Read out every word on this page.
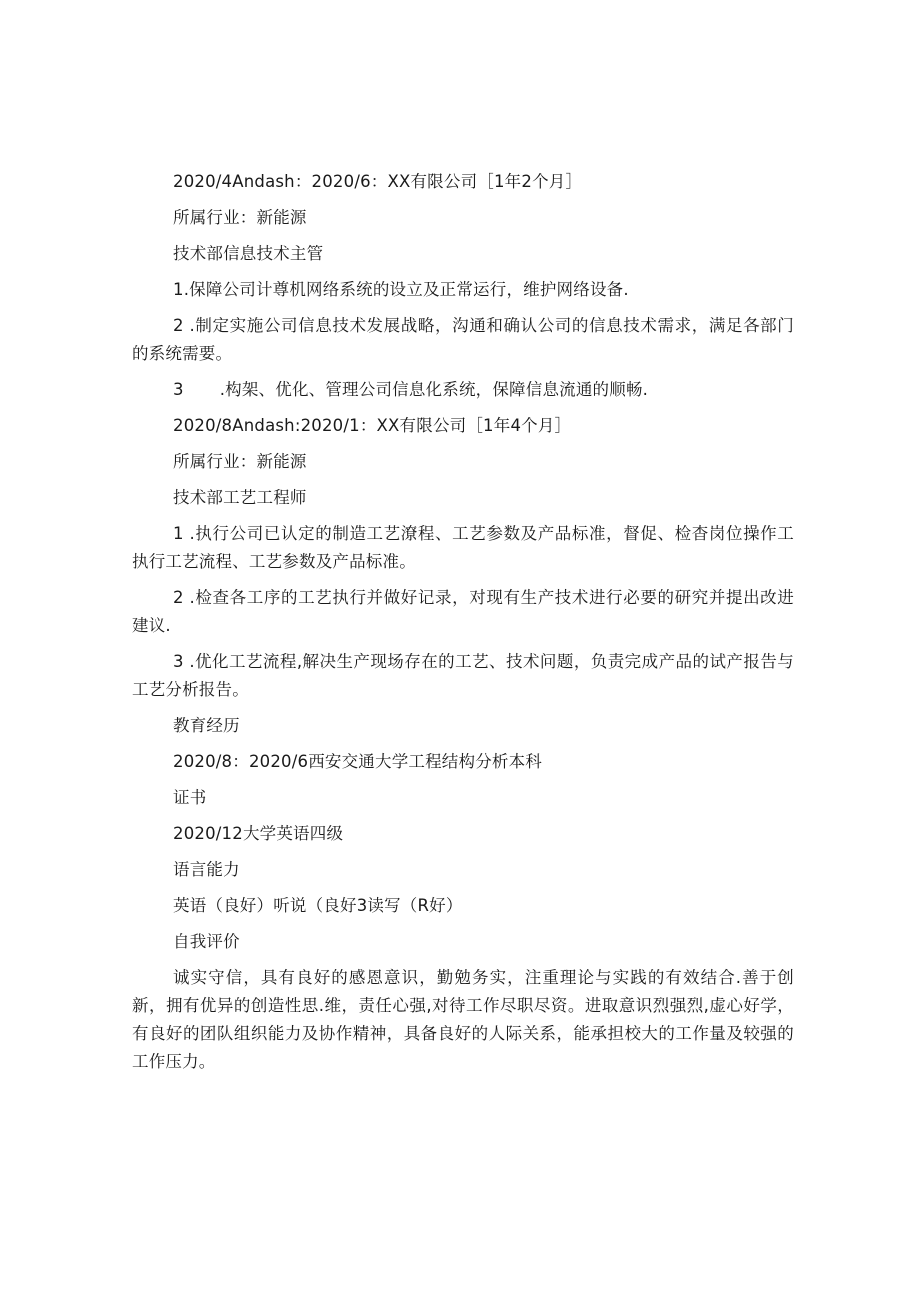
2020/4Andash：2020/6：XX有限公司［1年2个月］

所属行业：新能源

技术部信息技术主管

1.保障公司计尊机网络系统的设立及正常运行，维护网络设备.

2 .制定实施公司信息技术发展战略，沟通和确认公司的信息技术需求，满足各部门的系统需要。

3 .构架、优化、管理公司信息化系统，保障信息流通的顺畅.

2020/8Andash:2020/1：XX有限公司［1年4个月］

所属行业：新能源

技术部工艺工程师

1 .执行公司已认定的制造工艺潦程、工艺参数及产品标准，督促、检杳岗位操作工执行工艺流程、工艺参数及产品标准。

2 .检查各工序的工艺执行并做好记录，对现有生产技术进行必要的研究并提出改进建议.

3 .优化工艺流程,解决生产现场存在的工艺、技术问题，负责完成产品的试产报告与工艺分析报告。

教育经历

2020/8：2020/6西安交通大学工程结构分析本科

证书

2020/12大学英语四级

语言能力

英语（良好）听说（良好3读写（R好）

自我评价

诚实守信，具有良好的感恩意识，勤勉务实，注重理论与实践的有效结合.善于创新，拥有优异的创造性思.维，责任心强,对待工作尽职尽资。进取意识烈强烈,虚心好学，有良好的团队组织能力及协作精神，具备良好的人际关系，能承担校大的工作量及较强的工作压力。
